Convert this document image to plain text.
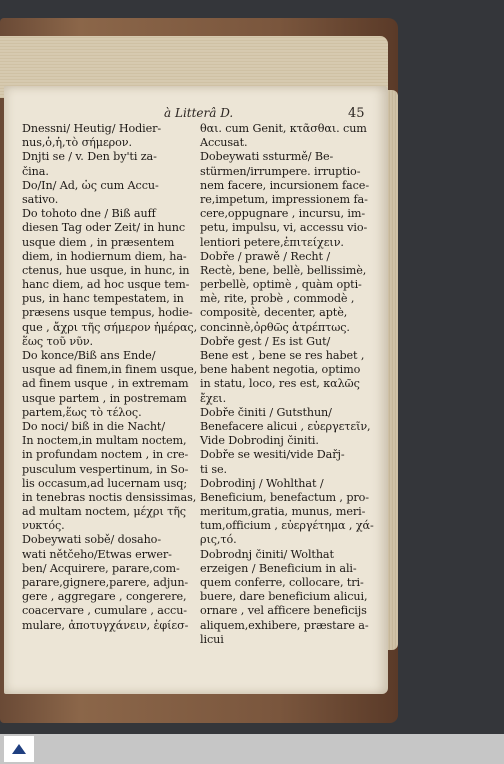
à Litterâ D.	45
Dnessni/ Heutig/ Hodier-
nus,ὁ,ἡ,τὸ σήμερον.
Dnjti se / v. Den by'ti za-
čina.
Do/In/ Ad, ὡς cum Accu-
sativo.
Do tohoto dne / Biß auff
diesen Tag oder Zeit/ in hunc
usque diem , in præsentem
diem, in hodiernum diem, ha-
ctenus, hue usque, in hunc, in
hanc diem, ad hoc usque tem-
pus, in hanc tempestatem, in
præsens usque tempus, hodie-
que , ἄχρι τῆς σήμερον ἡμέρας,
ἕως τοῦ νῦν.
Do konce/Biß ans Ende/
usque ad finem,in finem usque,
ad finem usque , in extremam
usque partem , in postremam
partem,ἕως τὸ τέλος.
Do noci/ biß in die Nacht/
In noctem,in multam noctem,
in profundam noctem , in cre-
pusculum vespertinum, in So-
lis occasum,ad lucernam usq;
in tenebras noctis densissimas,
ad multam noctem, μέχρι τῆς
νυκτός.
Dobeywati sobě/ dosaho-
wati nětčeho/Etwas erwer-
ben/ Acquirere, parare,com-
parare,gignere,parere, adjun-
gere , aggregare , congerere,
coacervare , cumulare , accu-
mulare, ἀποτυγχάνειν, ἐφίεσ-
θαι. cum Genit, κτᾶσθαι. cum
Accusat.
Dobeywati ssturmě/ Be-
stürmen/irrumpere. irruptio-
nem facere, incursionem face-
re,impetum, impressionem fa-
cere,oppugnare , incursu, im-
petu, impulsu, vi, accessu vio-
lentiori petere,ἐπιτείχειν.
Dobře / prawě / Recht /
Rectè, bene, bellè, bellissimè,
perbellè, optimè , quàm opti-
mè, rite, probè , commodè ,
compositè, decenter, aptè,
concinnè,ὀρθῶς ἀτρέπτως.
Dobře gest / Es ist Gut/
Bene est , bene se res habet ,
bene habent negotia, optimo
in statu, loco, res est, καλῶς
ἔχει.
Dobře činiti / Gutsthun/
Benefacere alicui , εὐεργετεῖν,
Vide Dobrodinj činiti.
Dobře se wesiti/vide Dařj-
ti se.
Dobrodinj / Wohlthat /
Beneficium, benefactum , pro-
meritum,gratia, munus, meri-
tum,officium , εὐεργέτημα , χά-
ρις,τό.
Dobrodnj činiti/ Wolthat
erzeigen / Beneficium in ali-
quem conferre, collocare, tri-
buere, dare beneficium alicui,
ornare , vel afficere beneficijs
aliquem,exhibere, præstare a-
licui
